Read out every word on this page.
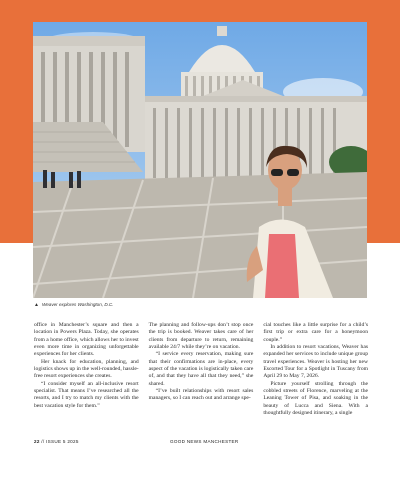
▲ Weaver explores Washington, D.C.

office in Manchester’s square and then a location in Powers Plaza. Today, she operates from a home office, which allows her to invest even more time in organizing unforgettable experiences for her clients.

Her knack for education, planning, and logistics shows up in the well-rounded, hassle-free resort experiences she creates.

“I consider myself an all-inclusive resort specialist. That means I’ve researched all the resorts, and I try to match my clients with the best vacation style for them.”

The planning and follow-ups don’t stop once the trip is booked. Weaver takes care of her clients from departure to return, remaining available 24/7 while they’re on vacation.

“I service every reservation, making sure that their confirmations are in-place, every aspect of the vacation is logistically taken care of, and that they have all that they need,” she shared.

“I’ve built relationships with resort sales managers, so I can reach out and arrange spe-

cial touches like a little surprise for a child’s first trip or extra care for a honeymoon couple.”

In addition to resort vacations, Weaver has expanded her services to include unique group travel experiences. Weaver is hosting her new Escorted Tour for a Spotlight in Tuscany from April 29 to May 7, 2026.

Picture yourself strolling through the cobbled streets of Florence, marveling at the Leaning Tower of Pisa, and soaking in the beauty of Lucca and Siena. With a thoughtfully designed itinerary, a single

22 // ISSUE 5 2025	GOOD NEWS MANCHESTER
